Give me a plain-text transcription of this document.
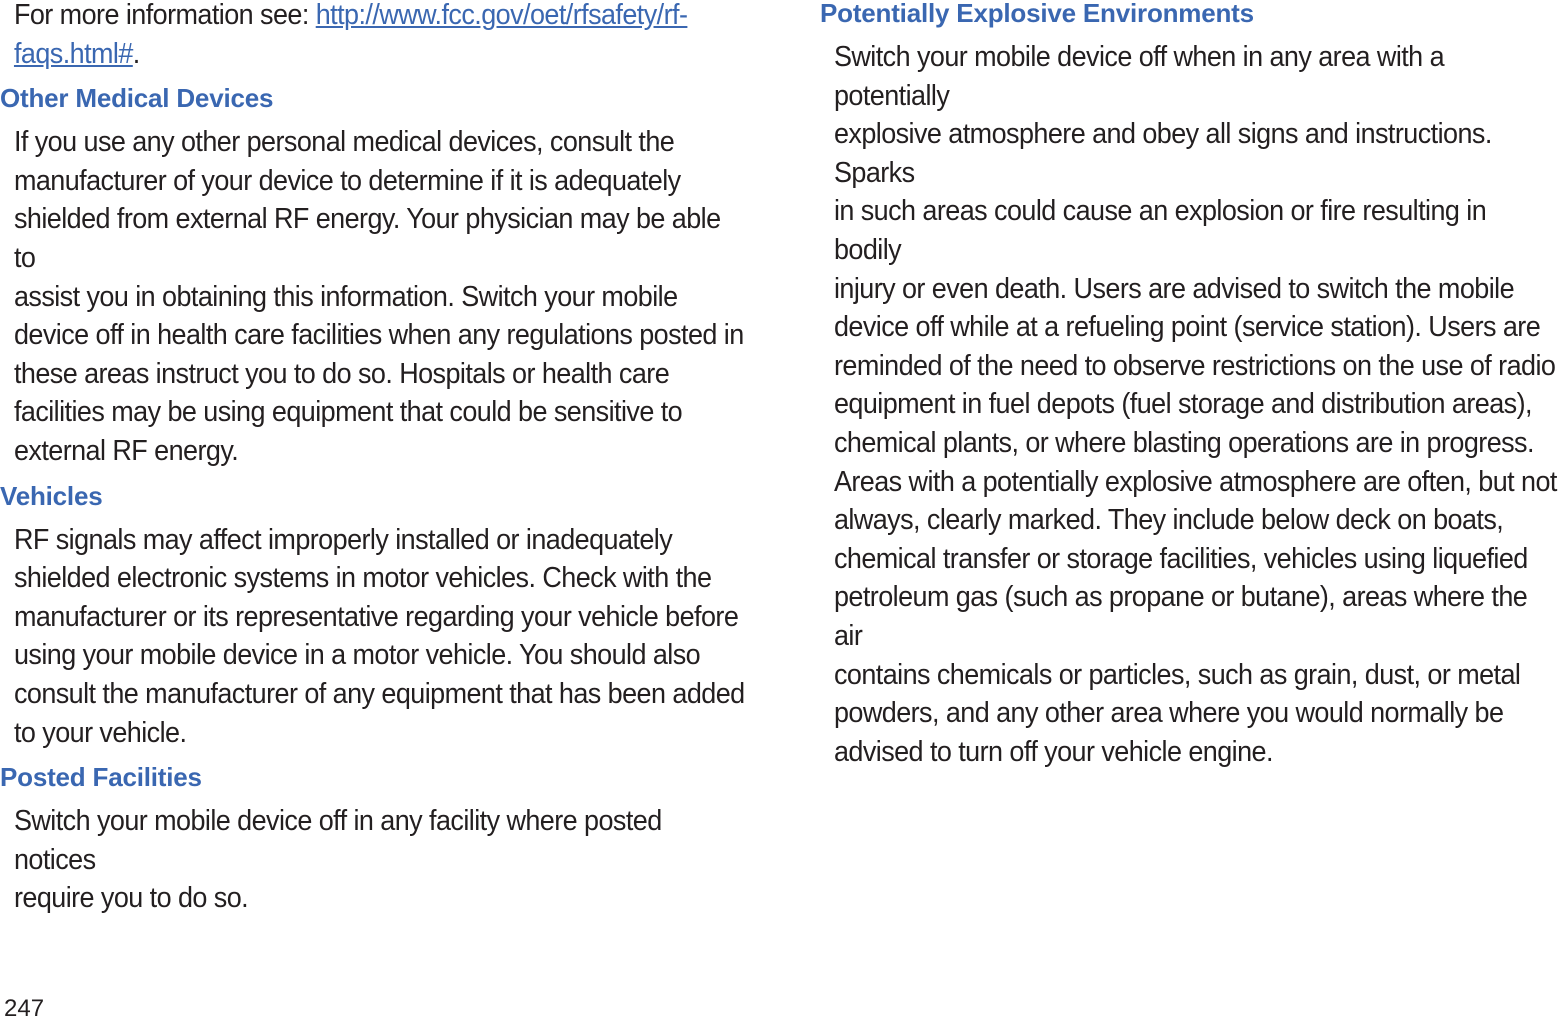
For more information see: http://www.fcc.gov/oet/rfsafety/rf-
faqs.html#.
Other Medical Devices
If you use any other personal medical devices, consult the
manufacturer of your device to determine if it is adequately
shielded from external RF energy. Your physician may be able to
assist you in obtaining this information. Switch your mobile
device off in health care facilities when any regulations posted in
these areas instruct you to do so. Hospitals or health care
facilities may be using equipment that could be sensitive to
external RF energy.
Vehicles
RF signals may affect improperly installed or inadequately
shielded electronic systems in motor vehicles. Check with the
manufacturer or its representative regarding your vehicle before
using your mobile device in a motor vehicle. You should also
consult the manufacturer of any equipment that has been added
to your vehicle.
Posted Facilities
Switch your mobile device off in any facility where posted notices
require you to do so.
Potentially Explosive Environments
Switch your mobile device off when in any area with a potentially
explosive atmosphere and obey all signs and instructions. Sparks
in such areas could cause an explosion or fire resulting in bodily
injury or even death. Users are advised to switch the mobile
device off while at a refueling point (service station). Users are
reminded of the need to observe restrictions on the use of radio
equipment in fuel depots (fuel storage and distribution areas),
chemical plants, or where blasting operations are in progress.
Areas with a potentially explosive atmosphere are often, but not
always, clearly marked. They include below deck on boats,
chemical transfer or storage facilities, vehicles using liquefied
petroleum gas (such as propane or butane), areas where the air
contains chemicals or particles, such as grain, dust, or metal
powders, and any other area where you would normally be
advised to turn off your vehicle engine.
247
